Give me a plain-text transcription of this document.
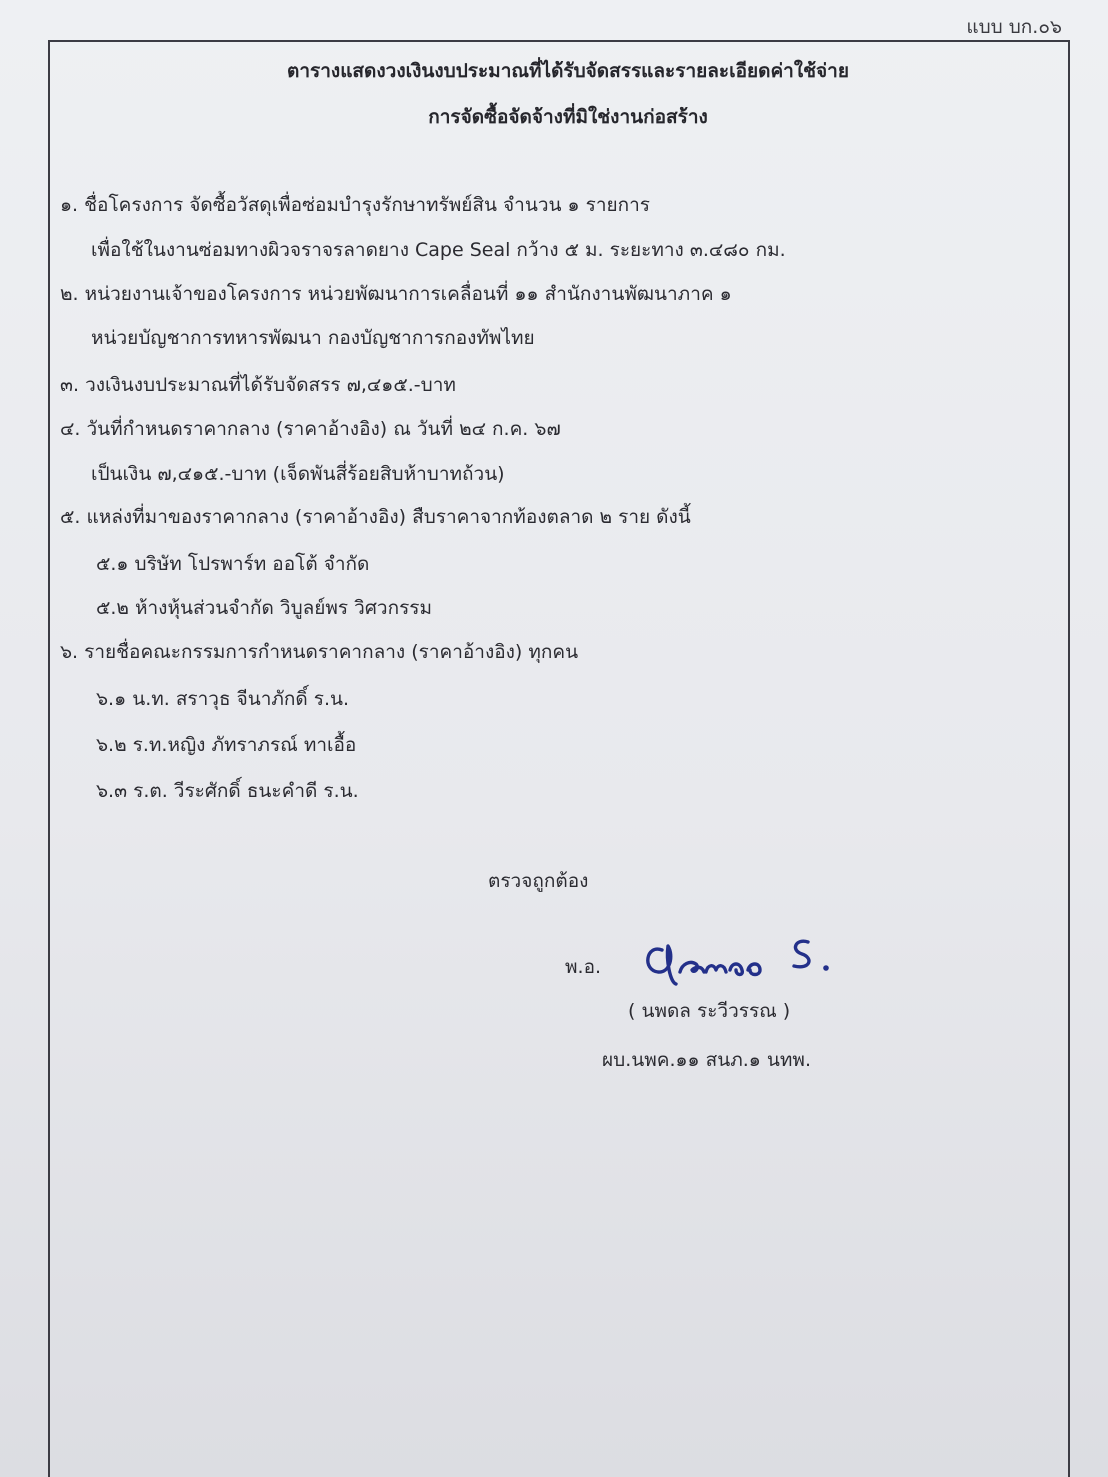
แบบ บก.๐๖
ตารางแสดงวงเงินงบประมาณที่ได้รับจัดสรรและรายละเอียดค่าใช้จ่าย
การจัดซื้อจัดจ้างที่มิใช่งานก่อสร้าง
๑. ชื่อโครงการ จัดซื้อวัสดุเพื่อซ่อมบำรุงรักษาทรัพย์สิน จำนวน ๑ รายการ
เพื่อใช้ในงานซ่อมทางผิวจราจรลาดยาง Cape Seal กว้าง ๕ ม. ระยะทาง ๓.๔๘๐ กม.
๒. หน่วยงานเจ้าของโครงการ หน่วยพัฒนาการเคลื่อนที่ ๑๑ สำนักงานพัฒนาภาค ๑
หน่วยบัญชาการทหารพัฒนา กองบัญชาการกองทัพไทย
๓. วงเงินงบประมาณที่ได้รับจัดสรร ๗,๔๑๕.-บาท
๔. วันที่กำหนดราคากลาง (ราคาอ้างอิง) ณ วันที่ ๒๔ ก.ค. ๖๗
เป็นเงิน ๗,๔๑๕.-บาท (เจ็ดพันสี่ร้อยสิบห้าบาทถ้วน)
๕. แหล่งที่มาของราคากลาง (ราคาอ้างอิง) สืบราคาจากท้องตลาด ๒ ราย ดังนี้
๕.๑ บริษัท โปรพาร์ท ออโต้ จำกัด
๕.๒ ห้างหุ้นส่วนจำกัด วิบูลย์พร วิศวกรรม
๖. รายชื่อคณะกรรมการกำหนดราคากลาง (ราคาอ้างอิง) ทุกคน
๖.๑ น.ท. สราวุธ จีนาภักดิ์ ร.น.
๖.๒ ร.ท.หญิง ภัทราภรณ์ ทาเอื้อ
๖.๓ ร.ต. วีระศักดิ์ ธนะคำดี ร.น.
ตรวจถูกต้อง
พ.อ.
( นพดล ระวีวรรณ )
ผบ.นพค.๑๑ สนภ.๑ นทพ.
